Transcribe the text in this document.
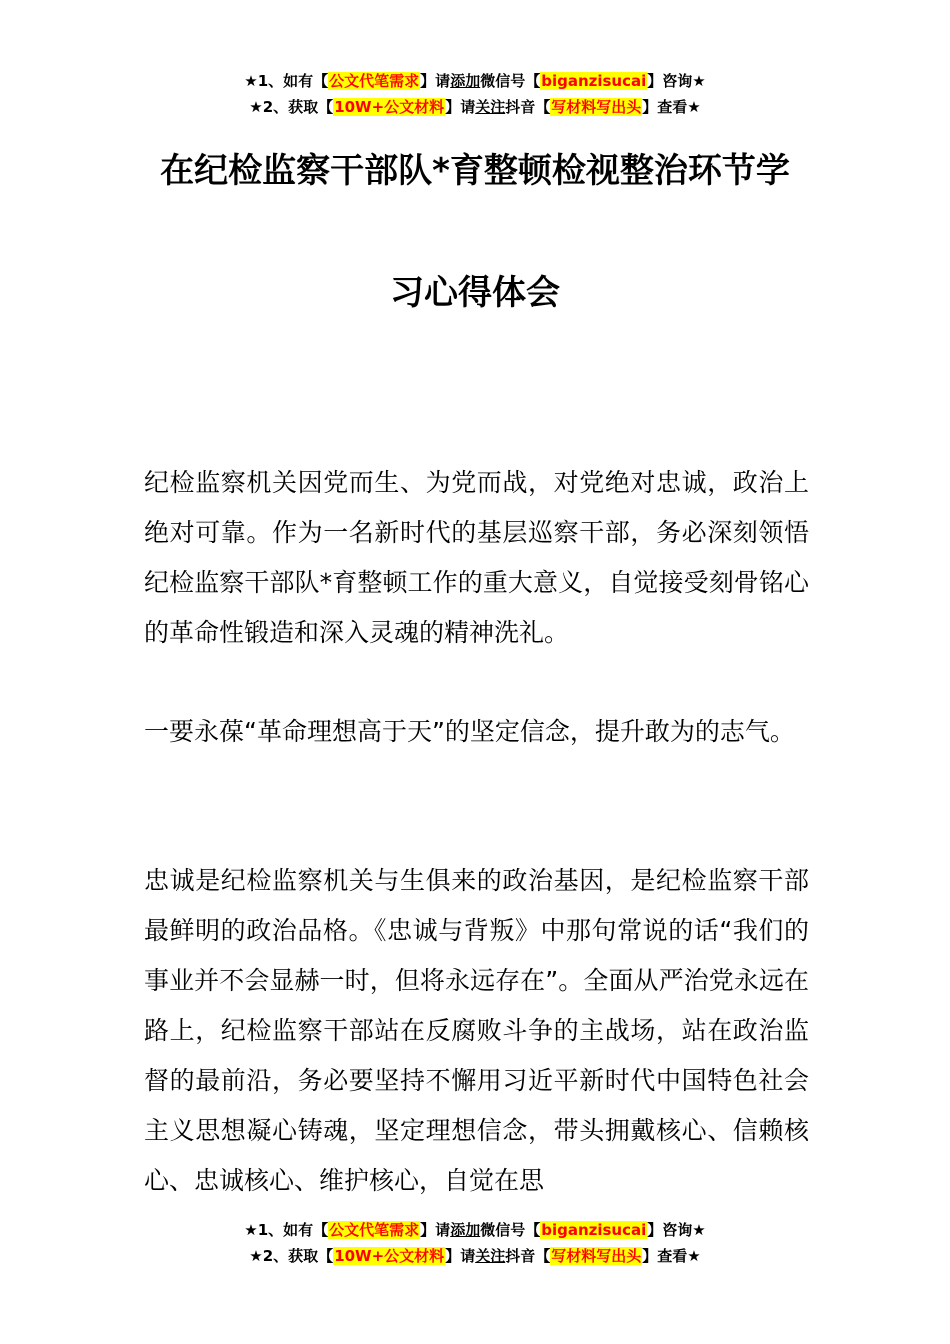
★1、如有【公文代笔需求】请添加微信号【biganzisucai】咨询★
★2、获取【10W+公文材料】请关注抖音【写材料写出头】查看★
在纪检监察干部队*育整顿检视整治环节学
习心得体会

纪检监察机关因党而生、为党而战，对党绝对忠诚，政治上绝对可靠。作为一名新时代的基层巡察干部，务必深刻领悟纪检监察干部队*育整顿工作的重大意义，自觉接受刻骨铭心的革命性锻造和深入灵魂的精神洗礼。

一要永葆“革命理想高于天”的坚定信念，提升敢为的志气。

忠诚是纪检监察机关与生俱来的政治基因，是纪检监察干部最鲜明的政治品格。《忠诚与背叛》中那句常说的话“我们的事业并不会显赫一时，但将永远存在”。全面从严治党永远在路上，纪检监察干部站在反腐败斗争的主战场，站在政治监督的最前沿，务必要坚持不懈用习近平新时代中国特色社会主义思想凝心铸魂，坚定理想信念，带头拥戴核心、信赖核心、忠诚核心、维护核心，自觉在思

★1、如有【公文代笔需求】请添加微信号【biganzisucai】咨询★
★2、获取【10W+公文材料】请关注抖音【写材料写出头】查看★
